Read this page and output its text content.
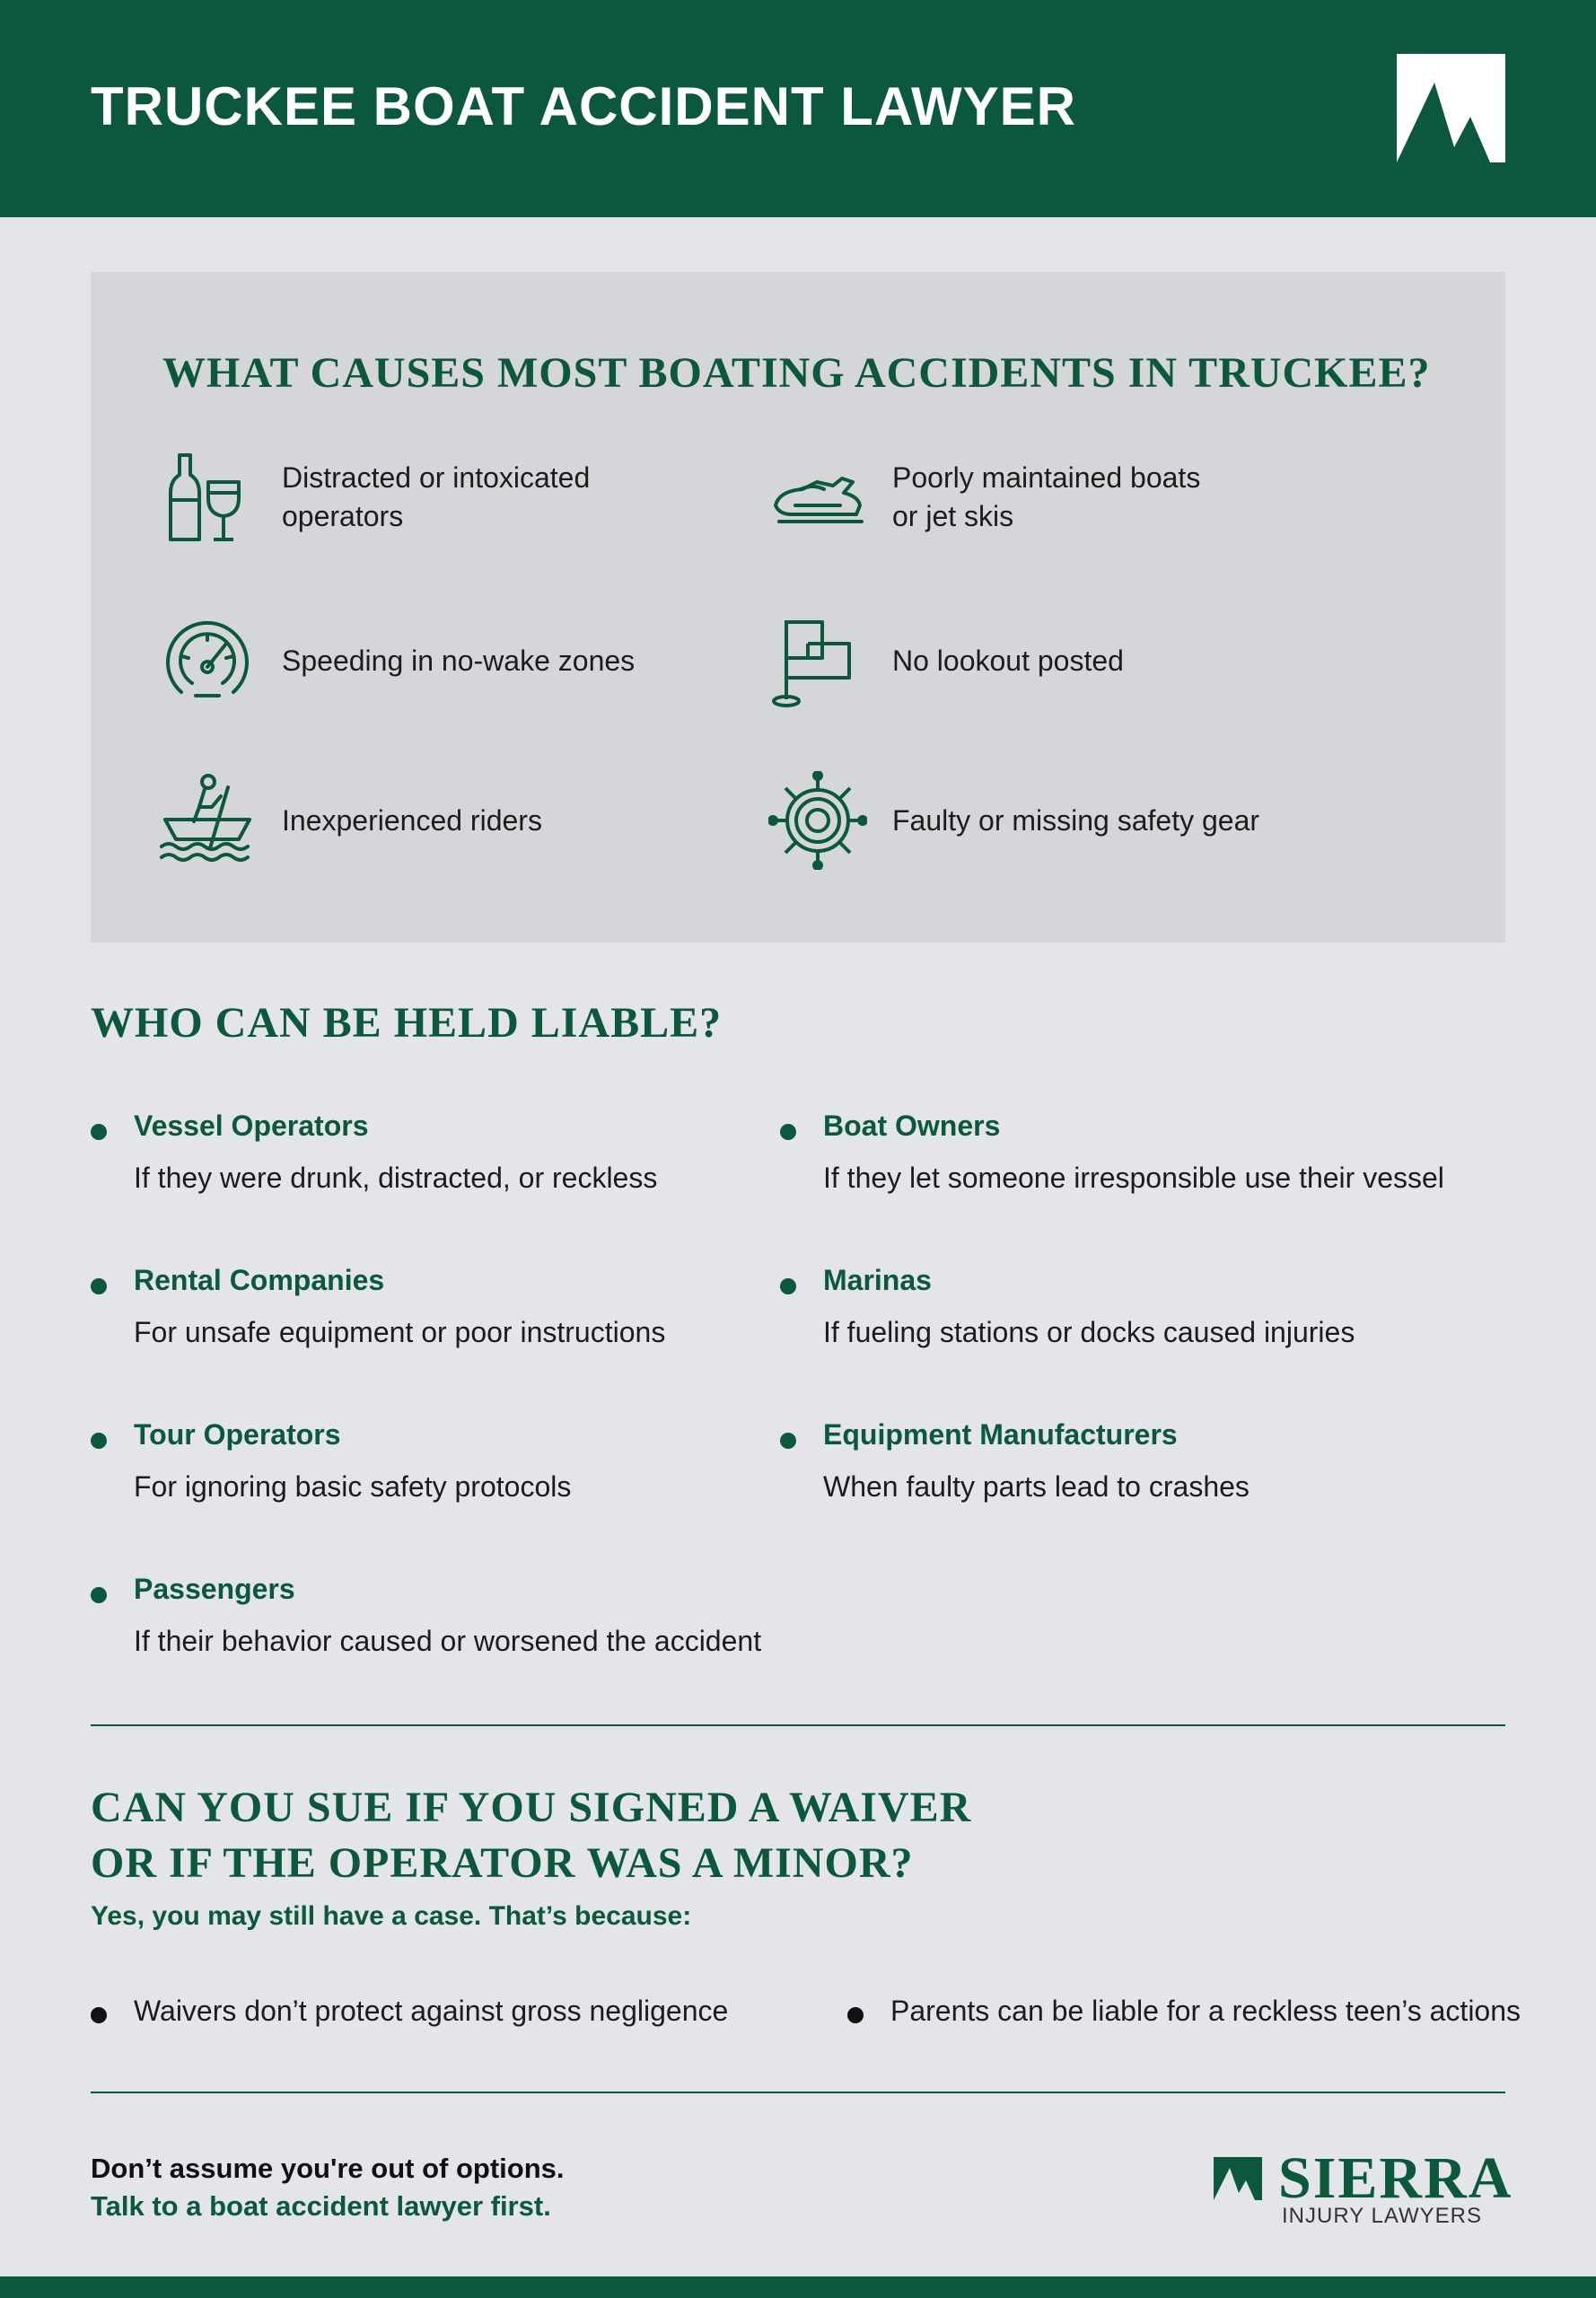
TRUCKEE BOAT ACCIDENT LAWYER
WHAT CAUSES MOST BOATING ACCIDENTS IN TRUCKEE?
Distracted or intoxicated
operators
Poorly maintained boats
or jet skis
Speeding in no-wake zones	No lookout posted
Inexperienced riders	Faulty or missing safety gear
WHO CAN BE HELD LIABLE?
Vessel Operators
If they were drunk, distracted, or reckless
Boat Owners
If they let someone irresponsible use their vessel
Rental Companies
For unsafe equipment or poor instructions
Marinas
If fueling stations or docks caused injuries
Tour Operators
For ignoring basic safety protocols
Equipment Manufacturers
When faulty parts lead to crashes
Passengers
If their behavior caused or worsened the accident
CAN YOU SUE IF YOU SIGNED A WAIVER
OR IF THE OPERATOR WAS A MINOR?
Yes, you may still have a case. That’s because:
Waivers don’t protect against gross negligence	Parents can be liable for a reckless teen’s actions
Don’t assume you're out of options.
Talk to a boat accident lawyer first.	SIERRA
INJURY LAWYERS
